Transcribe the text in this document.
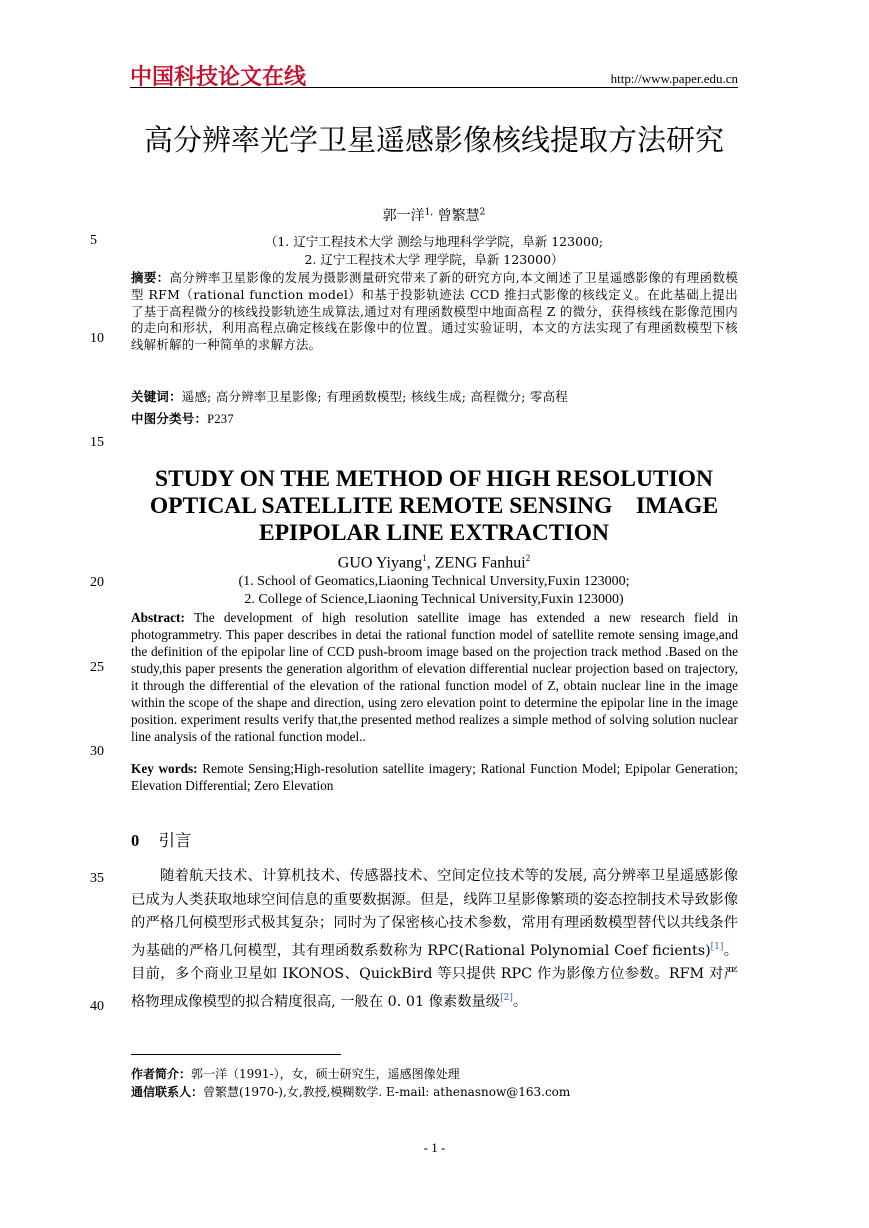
中国科技论文在线	http://www.paper.edu.cn
高分辨率光学卫星遥感影像核线提取方法研究
郭一洋$^{1,}$ 曾繁慧$^2$
5	（1. 辽宁工程技术大学 测绘与地理科学学院，阜新 123000;
2. 辽宁工程技术大学 理学院，阜新 123000）
摘要：高分辨率卫星影像的发展为摄影测量研究带来了新的研究方向,本文阐述了卫星遥感影像的有理函数模型 RFM（rational function model）和基于投影轨迹法 CCD 推扫式影像的核线定义。在此基础上提出了基于高程微分的核线投影轨迹生成算法,通过对有理函数模型中地面高程 Z 的微分，获得核线在影像范围内的走向和形状，利用高程点确定核线在影像中的位置。通过实验证明，本文的方法实现了有理函数模型下核线解析解的一种简单的求解方法。
10
关键词：遥感; 高分辨率卫星影像; 有理函数模型; 核线生成; 高程微分; 零高程
中图分类号：P237
15
STUDY ON THE METHOD OF HIGH RESOLUTION
OPTICAL SATELLITE REMOTE SENSING    IMAGE
EPIPOLAR LINE EXTRACTION
GUO Yiyang$^1$, ZENG Fanhui$^2$
20	(1. School of Geomatics,Liaoning Technical Unversity,Fuxin 123000;
2. College of Science,Liaoning Technical University,Fuxin 123000)
Abstract: The development of high resolution satellite image has extended a new research field in photogrammetry. This paper describes in detai the rational function model of satellite remote sensing image,and the definition of the epipolar line of CCD push-broom image based on the projection track method .Based on the study,this paper presents the generation algorithm of elevation differential nuclear projection based on trajectory, it through the differential of the elevation of the rational function model of Z, obtain nuclear line in the image within the scope of the shape and direction, using zero elevation point to determine the epipolar line in the image position. experiment results verify that,the presented method realizes a simple method of solving solution nuclear line analysis of the rational function model..
25
30
Key words: Remote Sensing;High-resolution satellite imagery; Rational Function Model; Epipolar Generation; Elevation Differential; Zero Elevation
0 引言
35	随着航天技术、计算机技术、传感器技术、空间定位技术等的发展, 高分辨率卫星遥感影像已成为人类获取地球空间信息的重要数据源。但是，线阵卫星影像繁琐的姿态控制技术导致影像的严格几何模型形式极其复杂；同时为了保密核心技术参数，常用有理函数模型替代以共线条件为基础的严格几何模型，其有理函数系数称为 RPC(Rational Polynomial Coef ficients)[1]。目前，多个商业卫星如 IKONOS、QuickBird 等只提供 RPC 作为影像方位参数。RFM 对严格物理成像模型的拟合精度很高, 一般在 0. 01 像素数量级[2]。
40
作者简介：郭一洋（1991-），女，硕士研究生，遥感图像处理
通信联系人：曾繁慧(1970-),女,教授,模糊数学. E-mail: athenasnow@163.com
- 1 -
